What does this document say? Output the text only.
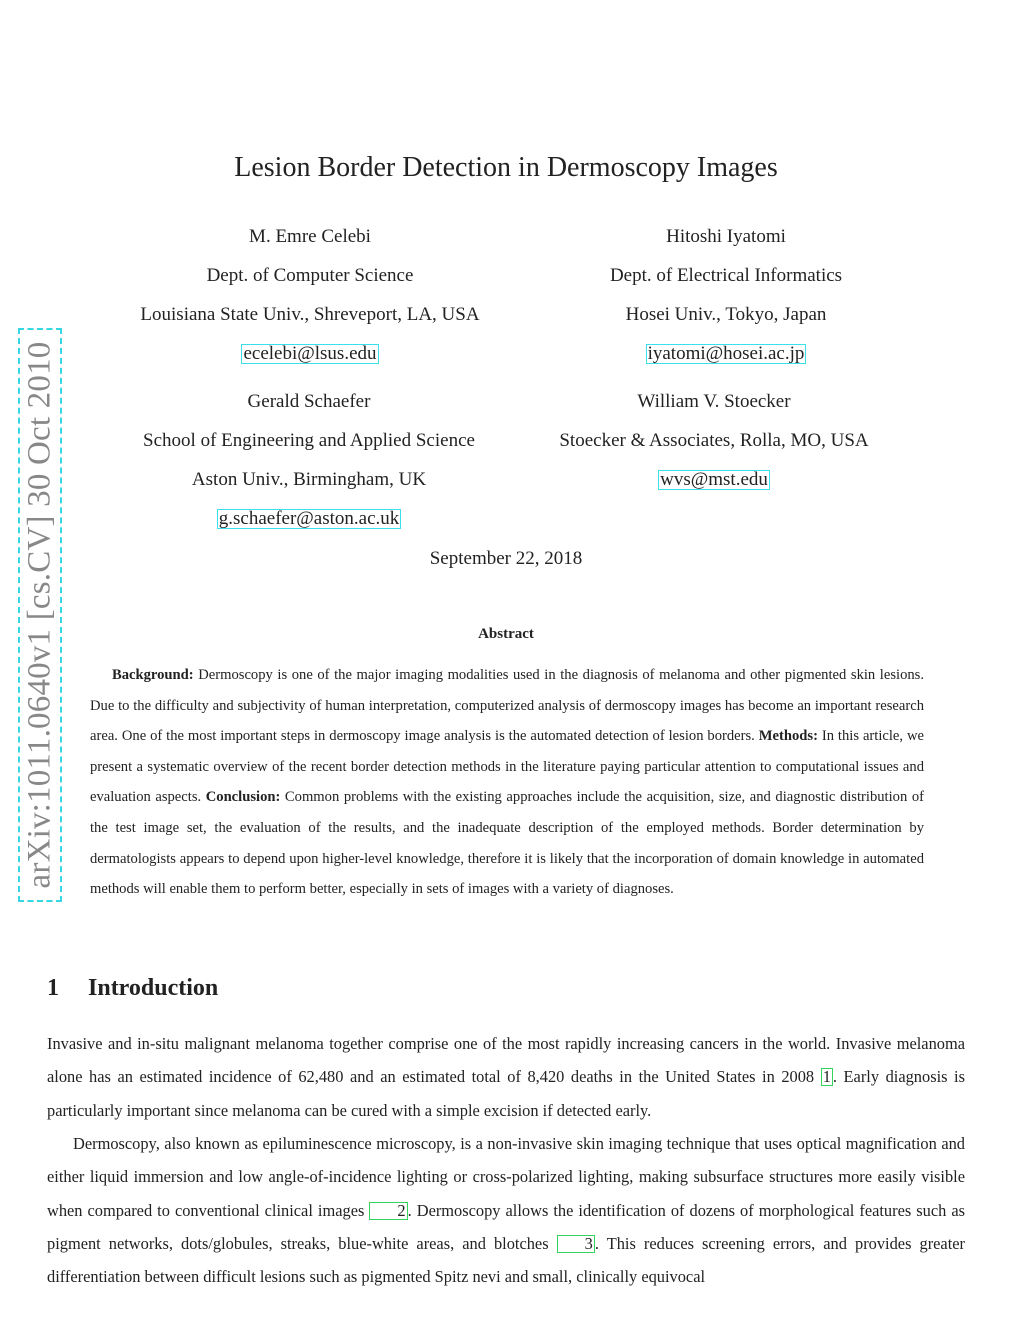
arXiv:1011.0640v1 [cs.CV] 30 Oct 2010
Lesion Border Detection in Dermoscopy Images
M. Emre Celebi
Dept. of Computer Science
Louisiana State Univ., Shreveport, LA, USA
ecelebi@lsus.edu
Hitoshi Iyatomi
Dept. of Electrical Informatics
Hosei Univ., Tokyo, Japan
iyatomi@hosei.ac.jp
Gerald Schaefer
School of Engineering and Applied Science
Aston Univ., Birmingham, UK
g.schaefer@aston.ac.uk
William V. Stoecker
Stoecker & Associates, Rolla, MO, USA
wvs@mst.edu
September 22, 2018
Abstract

Background: Dermoscopy is one of the major imaging modalities used in the diagnosis of melanoma and other pigmented skin lesions. Due to the difficulty and subjectivity of human interpretation, computerized analysis of dermoscopy images has become an important research area. One of the most important steps in dermoscopy image analysis is the automated detection of lesion borders. Methods: In this article, we present a systematic overview of the recent border detection methods in the literature paying particular attention to computational issues and evaluation aspects. Conclusion: Common problems with the existing approaches include the acquisition, size, and diagnostic distribution of the test image set, the evaluation of the results, and the inadequate description of the employed methods. Border determination by dermatologists appears to depend upon higher-level knowledge, therefore it is likely that the incorporation of domain knowledge in automated methods will enable them to perform better, especially in sets of images with a variety of diagnoses.

1 Introduction

Invasive and in-situ malignant melanoma together comprise one of the most rapidly increasing cancers in the world. Invasive melanoma alone has an estimated incidence of 62,480 and an estimated total of 8,420 deaths in the United States in 2008 1 . Early diagnosis is particularly important since melanoma can be cured with a simple excision if detected early.

Dermoscopy, also known as epiluminescence microscopy, is a non-invasive skin imaging technique that uses optical magnification and either liquid immersion and low angle-of-incidence lighting or cross-polarized lighting, making subsurface structures more easily visible when compared to conventional clinical images 2 . Dermoscopy allows the identification of dozens of morphological features such as pigment networks, dots/globules, streaks, blue-white areas, and blotches 3 . This reduces screening errors, and provides greater differentiation between difficult lesions such as pigmented Spitz nevi and small, clinically equivocal
